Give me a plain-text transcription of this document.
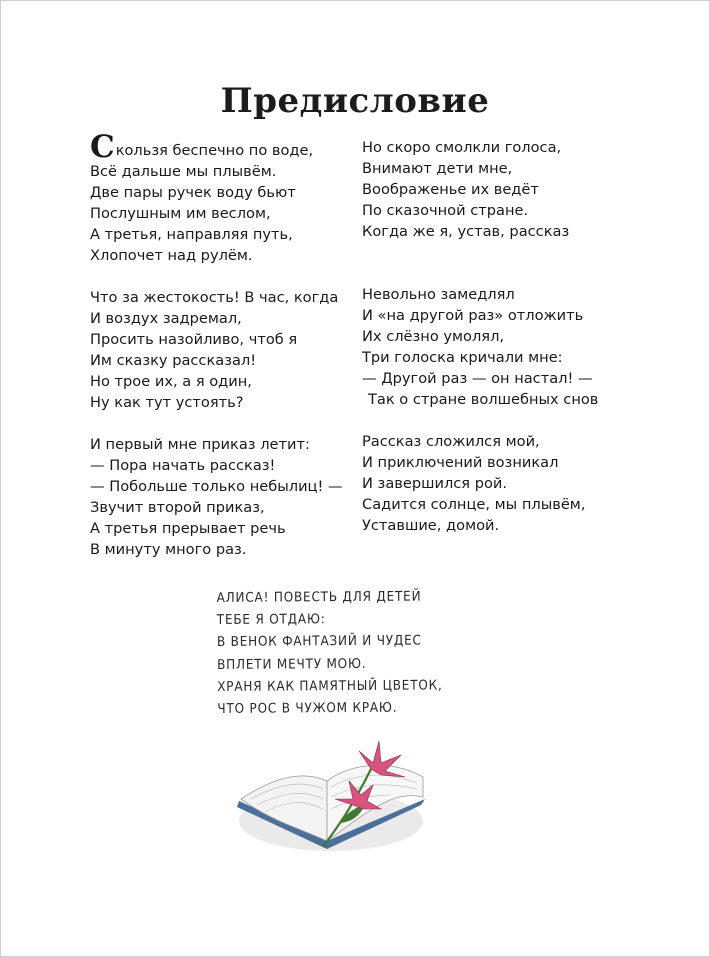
Предисловие
Скользя беспечно по воде,
Всё дальше мы плывём.
Две пары ручек воду бьют
Послушным им веслом,
А третья, направляя путь,
Хлопочет над рулём.
Что за жестокость! В час, когда
И воздух задремал,
Просить назойливо, чтоб я
Им сказку рассказал!
Но трое их, а я один,
Ну как тут устоять?
И первый мне приказ летит:
— Пора начать рассказ!
— Побольше только небылиц! —
Звучит второй приказ,
А третья прерывает речь
В минуту много раз.
Но скоро смолкли голоса,
Внимают дети мне,
Воображенье их ведёт
По сказочной стране.
Когда же я, устав, рассказ

Невольно замедлял
И «на другой раз» отложить
Их слёзно умолял,
Три голоска кричали мне:
— Другой раз — он настал! —
Так о стране волшебных снов
Рассказ сложился мой,
И приключений возникал
И завершился рой.
Садится солнце, мы плывём,
Уставшие, домой.
АЛИСА! ПОВЕСТЬ ДЛЯ ДЕТЕЙ
ТЕБЕ Я ОТДАЮ:
В ВЕНОК ФАНТАЗИЙ И ЧУДЕС
ВПЛЕТИ МЕЧТУ МОЮ.
ХРАНЯ КАК ПАМЯТНЫЙ ЦВЕТОК,
ЧТО РОС В ЧУЖОМ КРАЮ.
